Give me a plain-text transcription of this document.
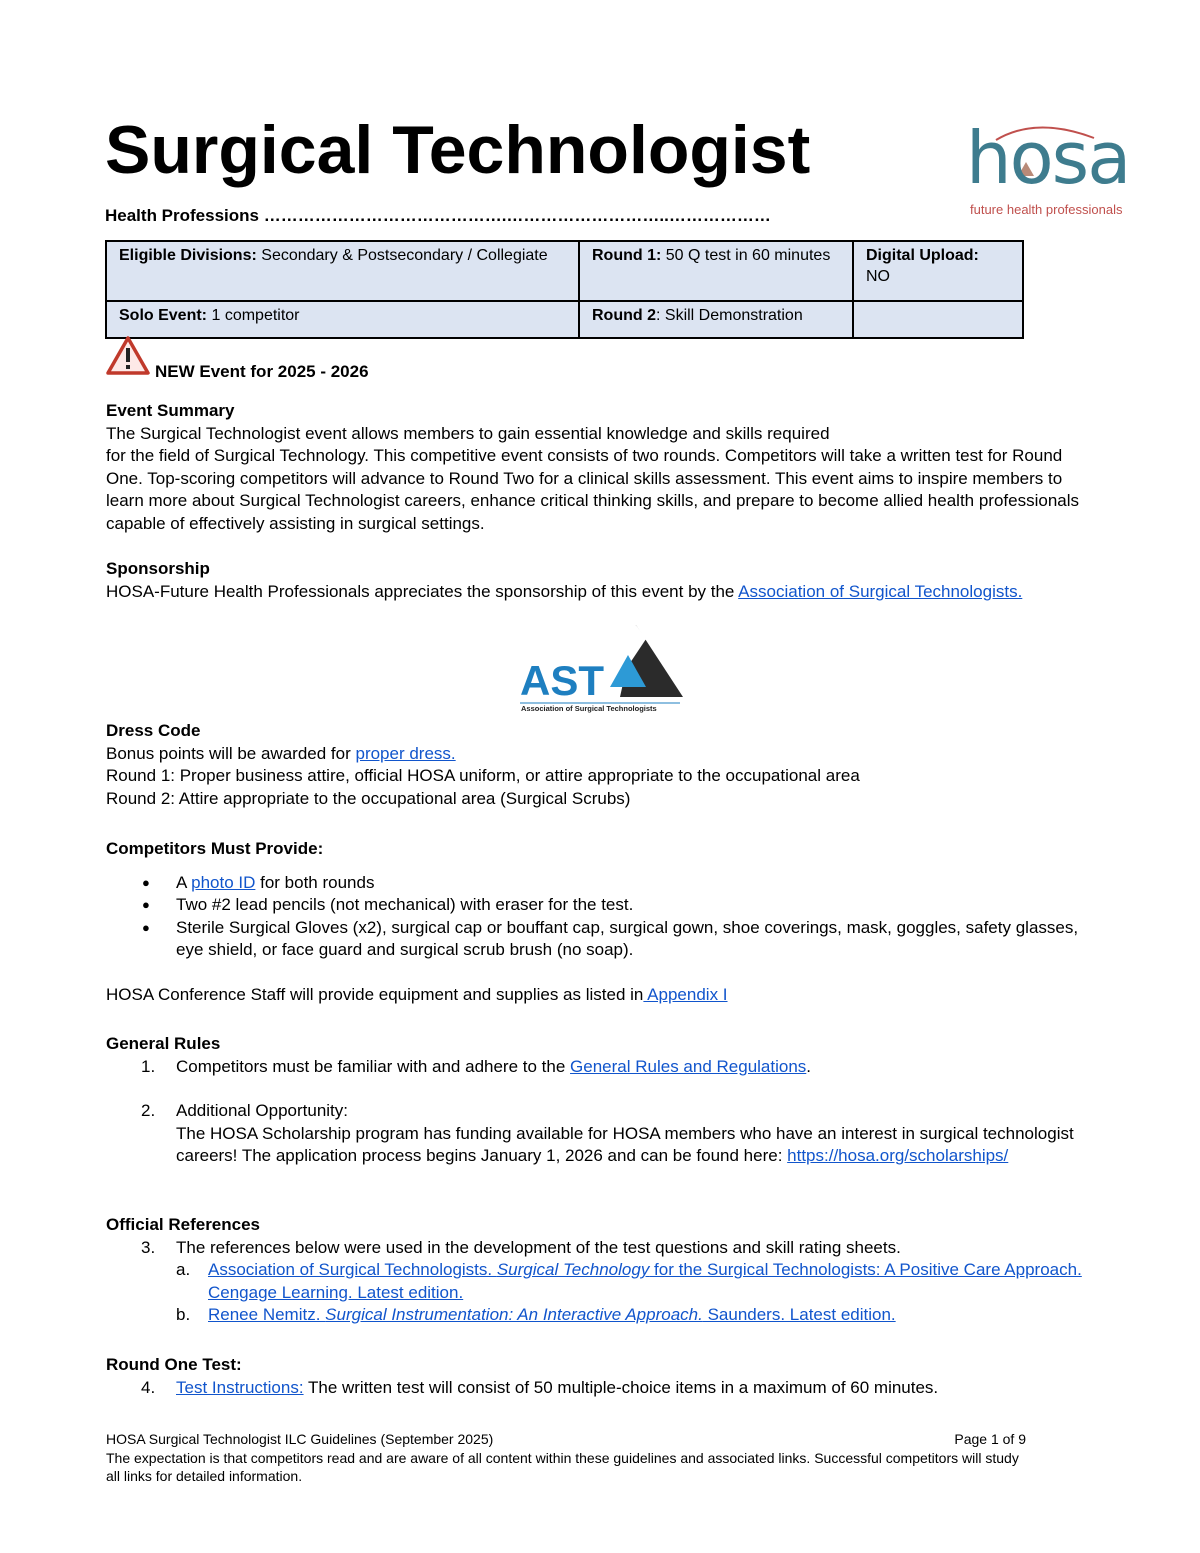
Surgical Technologist hosa
future health professionals
Health Professions …………………………………….………………………..………………
Eligible Divisions: Secondary & Postsecondary / Collegiate	Round 1: 50 Q test in 60 minutes	Digital Upload:
NO
Solo Event: 1 competitor	Round 2: Skill Demonstration	
NEW Event for 2025 - 2026
Event Summary
The Surgical Technologist event allows members to gain essential knowledge and skills required
for the field of Surgical Technology. This competitive event consists of two rounds. Competitors will take a written test for Round One. Top-scoring competitors will advance to Round Two for a clinical skills assessment. This event aims to inspire members to learn more about Surgical Technologist careers, enhance critical thinking skills, and prepare to become allied health professionals capable of effectively assisting in surgical settings.
Sponsorship
HOSA-Future Health Professionals appreciates the sponsorship of this event by the Association of Surgical Technologists.
AST
Association of Surgical Technologists
Dress Code
Bonus points will be awarded for proper dress.
Round 1: Proper business attire, official HOSA uniform, or attire appropriate to the occupational area
Round 2: Attire appropriate to the occupational area (Surgical Scrubs)
Competitors Must Provide:
● A photo ID for both rounds
● Two #2 lead pencils (not mechanical) with eraser for the test.
● Sterile Surgical Gloves (x2), surgical cap or bouffant cap, surgical gown, shoe coverings, mask, goggles, safety glasses, eye shield, or face guard and surgical scrub brush (no soap).
HOSA Conference Staff will provide equipment and supplies as listed in Appendix I
General Rules
1. Competitors must be familiar with and adhere to the General Rules and Regulations.
2. Additional Opportunity:
The HOSA Scholarship program has funding available for HOSA members who have an interest in surgical technologist careers! The application process begins January 1, 2026 and can be found here: https://hosa.org/scholarships/
Official References
3. The references below were used in the development of the test questions and skill rating sheets.
a. Association of Surgical Technologists. Surgical Technology for the Surgical Technologists: A Positive Care Approach. Cengage Learning. Latest edition.
b. Renee Nemitz. Surgical Instrumentation: An Interactive Approach. Saunders. Latest edition.
Round One Test:
4. Test Instructions: The written test will consist of 50 multiple-choice items in a maximum of 60 minutes.
HOSA Surgical Technologist ILC Guidelines (September 2025)	Page 1 of 9
The expectation is that competitors read and are aware of all content within these guidelines and associated links. Successful competitors will study all links for detailed information.
